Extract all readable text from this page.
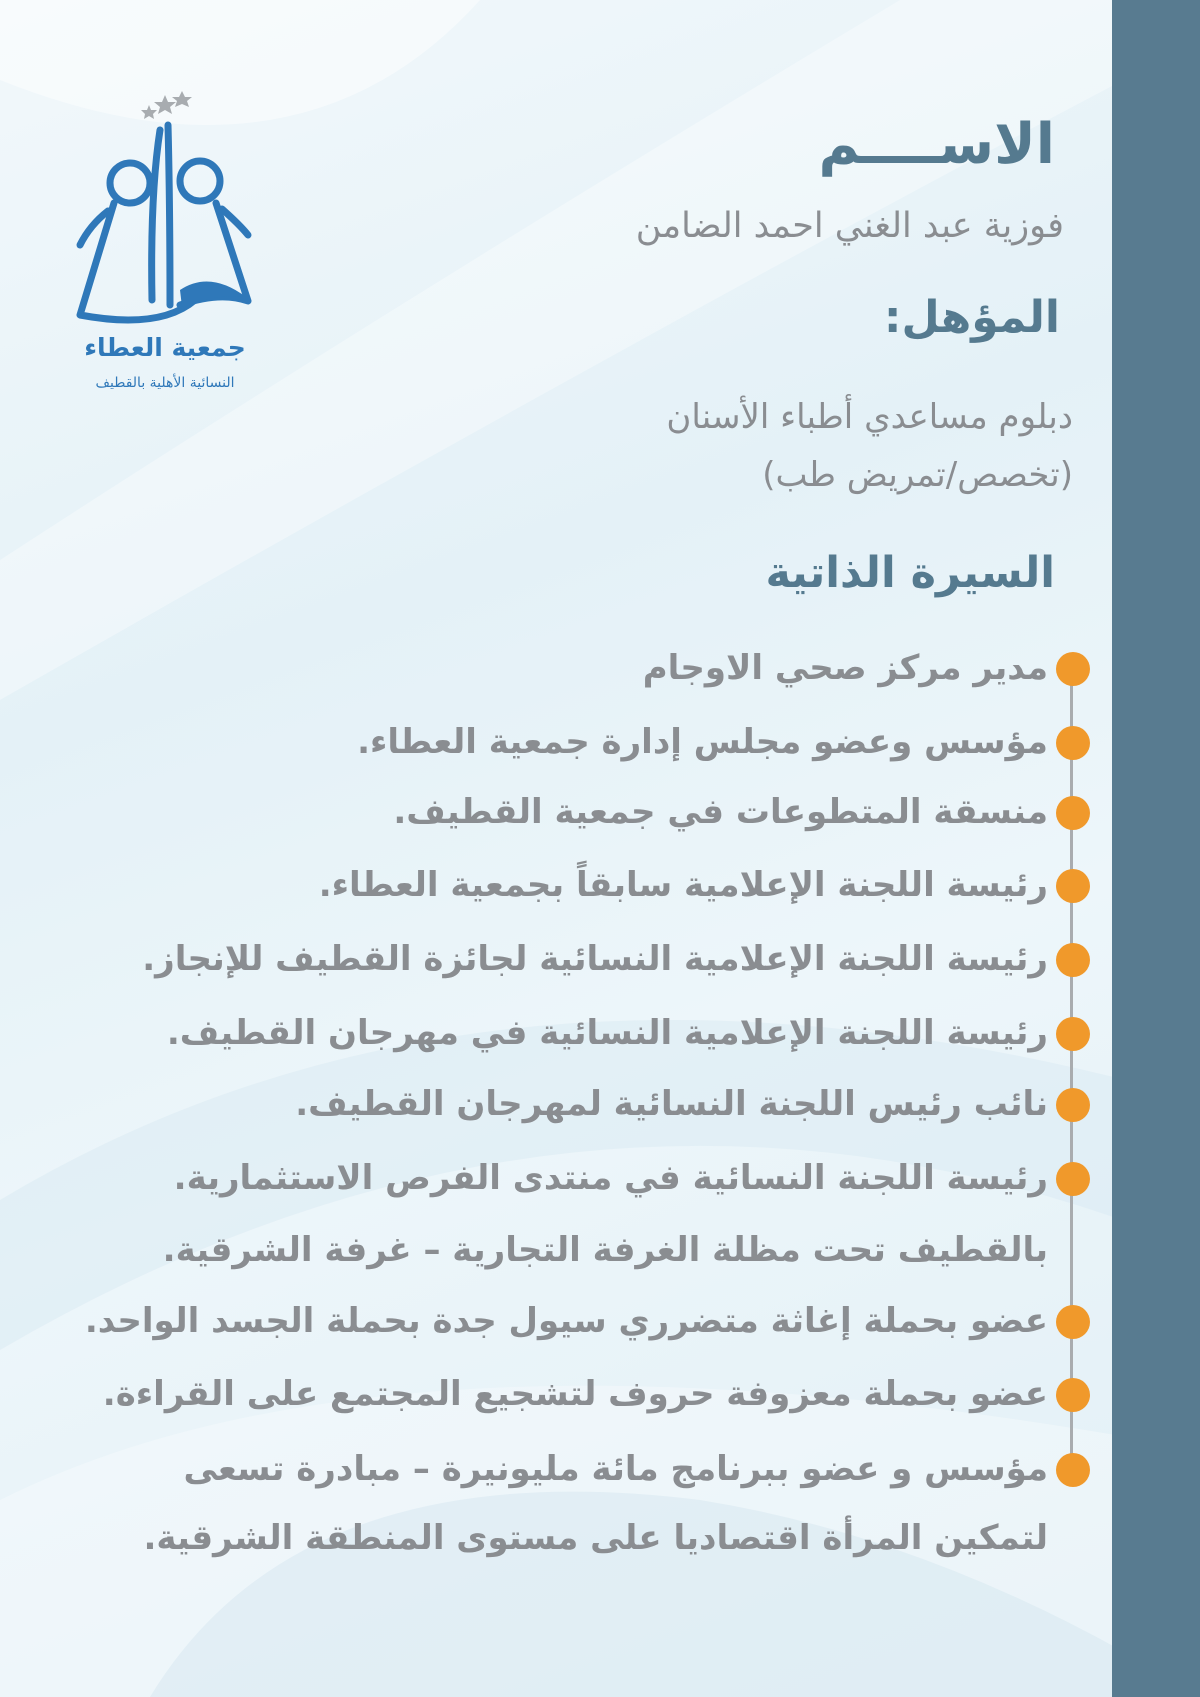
جمعية العطاء
النسائية الأهلية بالقطيف
الاســــم
فوزية عبد الغني احمد الضامن
المؤهل:
دبلوم مساعدي أطباء الأسنان
(تخصص/تمريض طب)
السيرة الذاتية
مدير مركز صحي الاوجام
مؤسس وعضو مجلس إدارة جمعية العطاء.
منسقة المتطوعات في جمعية القطيف.
رئيسة اللجنة الإعلامية سابقاً بجمعية العطاء.
رئيسة اللجنة الإعلامية النسائية لجائزة القطيف للإنجاز.
رئيسة اللجنة الإعلامية النسائية في مهرجان القطيف.
نائب رئيس اللجنة النسائية لمهرجان القطيف.
رئيسة اللجنة النسائية في منتدى الفرص الاستثمارية.
بالقطيف تحت مظلة الغرفة التجارية – غرفة الشرقية.
عضو بحملة إغاثة متضرري سيول جدة بحملة الجسد الواحد.
عضو بحملة معزوفة حروف لتشجيع المجتمع على القراءة.
مؤسس و عضو ببرنامج مائة مليونيرة – مبادرة تسعى
لتمكين المرأة اقتصاديا على مستوى المنطقة الشرقية.
